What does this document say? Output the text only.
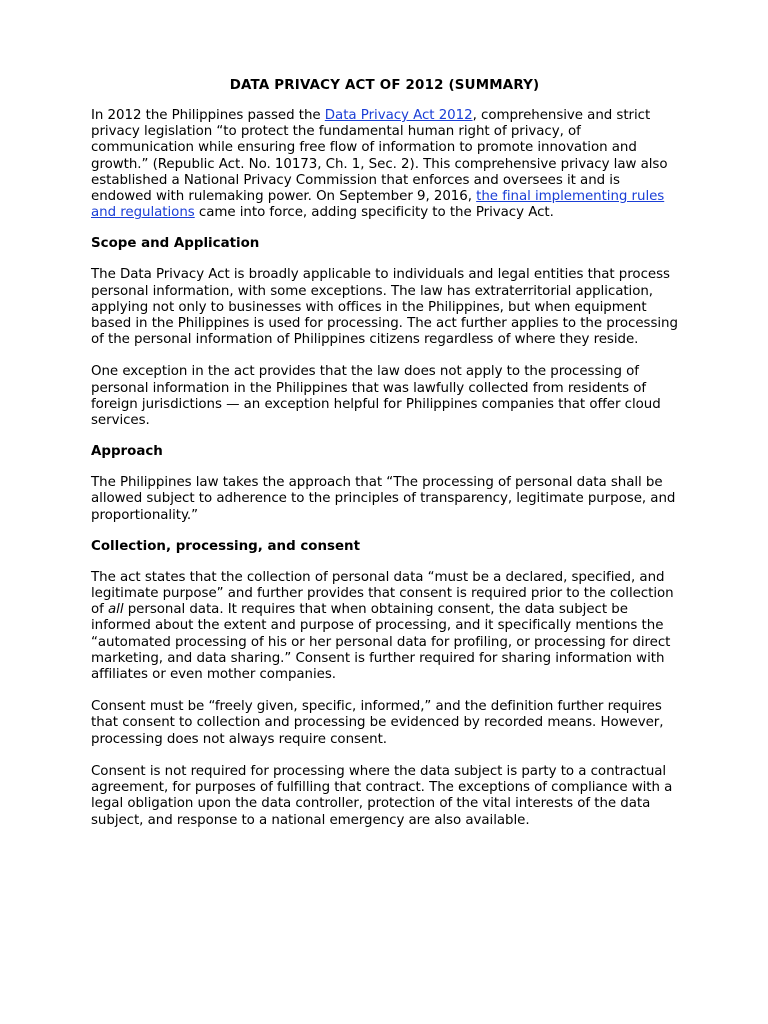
DATA PRIVACY ACT OF 2012 (SUMMARY)

In 2012 the Philippines passed the Data Privacy Act 2012, comprehensive and strict privacy legislation “to protect the fundamental human right of privacy, of communication while ensuring free flow of information to promote innovation and growth.” (Republic Act. No. 10173, Ch. 1, Sec. 2). This comprehensive privacy law also established a National Privacy Commission that enforces and oversees it and is endowed with rulemaking power. On September 9, 2016, the final implementing rules and regulations came into force, adding specificity to the Privacy Act.

Scope and Application

The Data Privacy Act is broadly applicable to individuals and legal entities that process personal information, with some exceptions. The law has extraterritorial application, applying not only to businesses with offices in the Philippines, but when equipment based in the Philippines is used for processing. The act further applies to the processing of the personal information of Philippines citizens regardless of where they reside.

One exception in the act provides that the law does not apply to the processing of personal information in the Philippines that was lawfully collected from residents of foreign jurisdictions — an exception helpful for Philippines companies that offer cloud services.

Approach

The Philippines law takes the approach that “The processing of personal data shall be allowed subject to adherence to the principles of transparency, legitimate purpose, and proportionality.”

Collection, processing, and consent

The act states that the collection of personal data “must be a declared, specified, and legitimate purpose” and further provides that consent is required prior to the collection of all personal data. It requires that when obtaining consent, the data subject be informed about the extent and purpose of processing, and it specifically mentions the “automated processing of his or her personal data for profiling, or processing for direct marketing, and data sharing.” Consent is further required for sharing information with affiliates or even mother companies.

Consent must be “freely given, specific, informed,” and the definition further requires that consent to collection and processing be evidenced by recorded means. However, processing does not always require consent.

Consent is not required for processing where the data subject is party to a contractual agreement, for purposes of fulfilling that contract. The exceptions of compliance with a legal obligation upon the data controller, protection of the vital interests of the data subject, and response to a national emergency are also available.
